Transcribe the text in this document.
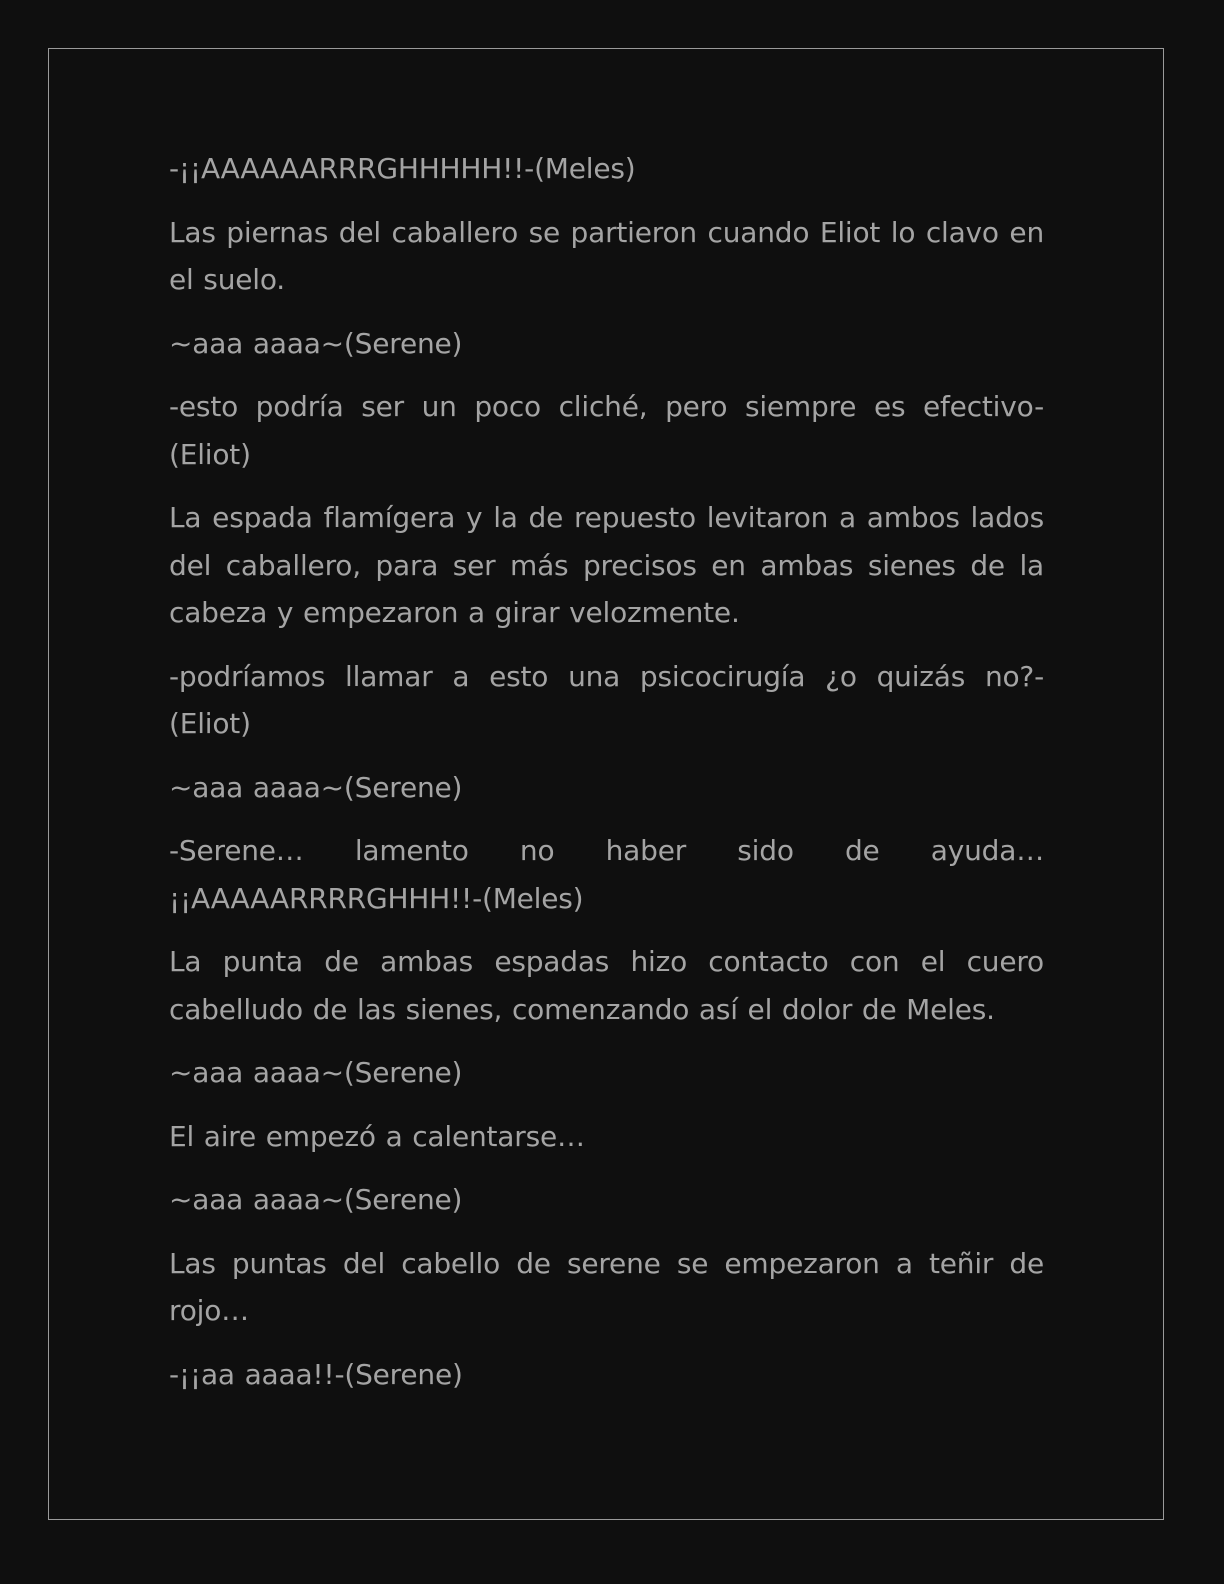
-¡¡AAAAAARRRGHHHHH!!-(Meles)

Las piernas del caballero se partieron cuando Eliot lo clavo en el suelo.

~aaa aaaa~(Serene)

-esto podría ser un poco cliché, pero siempre es efectivo-(Eliot)

La espada flamígera y la de repuesto levitaron a ambos lados del caballero, para ser más precisos en ambas sienes de la cabeza y empezaron a girar velozmente.

-podríamos llamar a esto una psicocirugía ¿o quizás no?-(Eliot)

~aaa aaaa~(Serene)

-Serene… lamento no haber sido de ayuda… ¡¡AAAAARRRRGHHH!!-(Meles)

La punta de ambas espadas hizo contacto con el cuero cabelludo de las sienes, comenzando así el dolor de Meles.

~aaa aaaa~(Serene)

El aire empezó a calentarse…

~aaa aaaa~(Serene)

Las puntas del cabello de serene se empezaron a teñir de rojo…

-¡¡aa aaaa!!-(Serene)
